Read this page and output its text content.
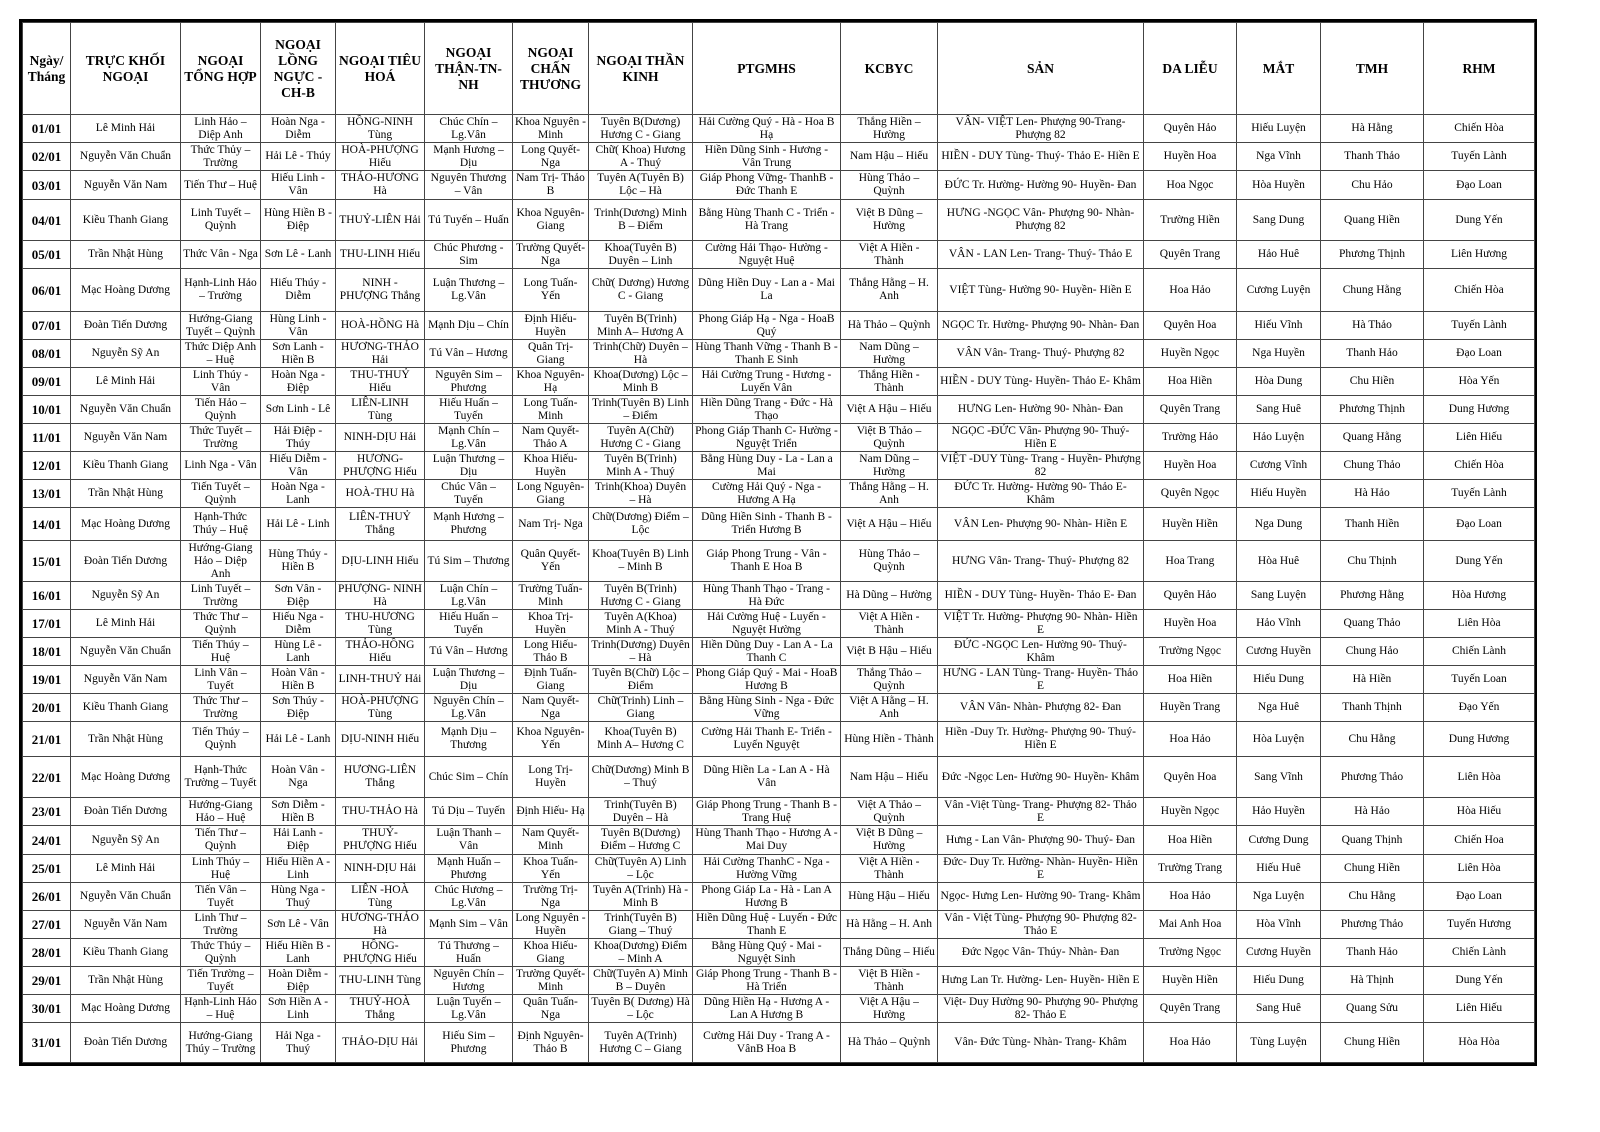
Ngày/ Tháng	TRỰC KHỐI NGOẠI	NGOẠI TỔNG HỢP	NGOẠI LỒNG NGỰC -CH-B	NGOẠI TIÊU HOÁ	NGOẠI THẬN-TN-NH	NGOẠI CHẤN THƯƠNG	NGOẠI THẦN KINH	PTGMHS	KCBYC	SẢN	DA LIỄU	MẮT	TMH	RHM
01/01	Lê Minh Hải	Linh Hảo – Diệp Anh	Hoàn Nga - Diễm	HỒNG-NINH Tùng	Chúc Chín – Lg.Vân	Khoa Nguyên - Minh	Tuyên B(Dương) Hương C - Giang	Hải Cường Quý - Hà - Hoa B Hạ	Thắng Hiền – Hường	VÂN- VIỆT Len- Phượng 90-Trang- Phượng 82	Quyên Hảo	Hiếu Luyện	Hà Hằng	Chiến Hòa
02/01	Nguyễn Văn Chuẩn	Thức Thủy – Trường	Hải Lê - Thúy	HOÀ-PHƯỢNG Hiếu	Mạnh Hương – Dịu	Long Quyết- Nga	Chữ( Khoa) Hương A - Thuý	Hiền Dũng Sinh - Hương - Vân Trung	Nam Hậu – Hiếu	HIỀN - DUY Tùng- Thuý- Thảo E- Hiền E	Huyền Hoa	Nga Vĩnh	Thanh Thảo	Tuyến Lành
03/01	Nguyễn Văn Nam	Tiến Thư – Huệ	Hiếu Linh - Vân	THẢO-HƯƠNG Hà	Nguyên Thương – Vân	Nam Trị- Thảo B	Tuyên A(Tuyên B) Lộc – Hà	Giáp Phong Vững- ThanhB - Đức Thanh E	Hùng Thảo – Quỳnh	ĐỨC Tr. Hường- Hường 90- Huyền- Đan	Hoa Ngọc	Hòa Huyền	Chu Hảo	Đạo Loan
04/01	Kiều Thanh Giang	Linh Tuyết – Quỳnh	Hùng Hiền B - Điệp	THUỶ-LIÊN Hải	Tú Tuyến – Huấn	Khoa Nguyên- Giang	Trinh(Dương) Minh B – Điểm	Bằng Hùng Thanh C - Triển - Hà Trang	Việt B Dũng – Hường	HƯNG -NGỌC Vân- Phượng 90- Nhàn- Phượng 82	Trường Hiền	Sang Dung	Quang Hiền	Dung Yến
05/01	Trần Nhật Hùng	Thức Vân - Nga	Sơn Lê - Lanh	THU-LINH Hiếu	Chúc Phương - Sim	Trường Quyết- Nga	Khoa(Tuyên B) Duyên – Linh	Cường Hải Thạo- Hường - Nguyệt Huệ	Việt A Hiền - Thành	VÂN - LAN Len- Trang- Thuý- Thảo E	Quyên Trang	Hảo Huê	Phương Thịnh	Liên Hương
06/01	Mạc Hoàng Dương	Hạnh-Linh Hảo – Trường	Hiếu Thúy - Diễm	NINH - PHƯỢNG Thắng	Luận Thương – Lg.Vân	Long Tuấn- Yến	Chữ( Dương) Hương C - Giang	Dũng Hiền Duy - Lan a - Mai La	Thắng Hằng – H. Anh	VIỆT Tùng- Hường 90- Huyền- Hiền E	Hoa Hảo	Cương Luyện	Chung Hằng	Chiến Hòa
07/01	Đoàn Tiến Dương	Hướng-Giang Tuyết – Quỳnh	Hùng Linh - Vân	HOÀ-HỒNG Hà	Mạnh Dịu – Chín	Định Hiếu- Huyền	Tuyên B(Trinh) Minh A– Hương A	Phong Giáp Hạ - Nga - HoaB Quý	Hà Thảo – Quỳnh	NGỌC Tr. Hường- Phượng 90- Nhàn- Đan	Quyên Hoa	Hiếu Vĩnh	Hà Thảo	Tuyến Lành
08/01	Nguyễn Sỹ An	Thức Diệp Anh – Huệ	Sơn Lanh - Hiền B	HƯƠNG-THẢO Hải	Tú Vân – Hương	Quân Trị- Giang	Trinh(Chữ) Duyên – Hà	Hùng Thanh Vững - Thanh B - Thanh E Sinh	Nam Dũng – Hường	VÂN Vân- Trang- Thuý- Phượng 82	Huyền Ngọc	Nga Huyền	Thanh Hảo	Đạo Loan
09/01	Lê Minh Hải	Linh Thúy - Vân	Hoàn Nga - Điệp	THU-THUỶ Hiếu	Nguyên Sim – Phương	Khoa Nguyên- Hạ	Khoa(Dương) Lộc – Minh B	Hải Cường Trung - Hương - Luyến Vân	Thắng Hiền - Thành	HIỀN - DUY Tùng- Huyền- Thảo E- Khâm	Hoa Hiền	Hòa Dung	Chu Hiền	Hòa Yến
10/01	Nguyễn Văn Chuẩn	Tiến Hảo – Quỳnh	Sơn Linh - Lê	LIÊN-LINH Tùng	Hiếu Huấn – Tuyến	Long Tuấn- Minh	Trinh(Tuyên B) Linh – Điểm	Hiền Dũng Trang - Đức - Hà Thạo	Việt A Hậu – Hiếu	HƯNG Len- Hường 90- Nhàn- Đan	Quyên Trang	Sang Huê	Phương Thịnh	Dung Hương
11/01	Nguyễn Văn Nam	Thức Tuyết – Trường	Hải Điệp - Thúy	NINH-DỊU Hải	Mạnh Chín – Lg.Vân	Nam Quyết- Thảo A	Tuyên A(Chữ) Hương C - Giang	Phong Giáp Thanh C- Hường - Nguyệt Triển	Việt B Thảo – Quỳnh	NGỌC -ĐỨC Vân- Phượng 90- Thuý- Hiền E	Trường Hảo	Hảo Luyện	Quang Hằng	Liên Hiếu
12/01	Kiều Thanh Giang	Linh Nga - Vân	Hiếu Diễm - Vân	HƯƠNG- PHƯỢNG Hiếu	Luận Thương – Dịu	Khoa Hiếu- Huyền	Tuyên B(Trinh) Minh A - Thuý	Bằng Hùng Duy - La - Lan a Mai	Nam Dũng – Hường	VIỆT -DUY Tùng- Trang - Huyền- Phượng 82	Huyền Hoa	Cương Vĩnh	Chung Thảo	Chiến Hòa
13/01	Trần Nhật Hùng	Tiến Tuyết – Quỳnh	Hoàn Nga - Lanh	HOÀ-THU Hà	Chúc Vân – Tuyến	Long Nguyên- Giang	Trinh(Khoa) Duyên – Hà	Cường Hải Quý - Nga - Hương A Hạ	Thắng Hằng – H. Anh	ĐỨC Tr. Hường- Hường 90- Thảo E- Khâm	Quyên Ngọc	Hiếu Huyền	Hà Hảo	Tuyến Lành
14/01	Mạc Hoàng Dương	Hạnh-Thức Thúy – Huệ	Hải Lê - Linh	LIÊN-THUỶ Thắng	Mạnh Hương – Phương	Nam Trị- Nga	Chữ(Dương) Điểm – Lộc	Dũng Hiền Sinh - Thanh B - Triển Hương B	Việt A Hậu – Hiếu	VÂN Len- Phượng 90- Nhàn- Hiền E	Huyền Hiền	Nga Dung	Thanh Hiền	Đạo Loan
15/01	Đoàn Tiến Dương	Hướng-Giang Hảo – Diệp Anh	Hùng Thúy - Hiền B	DỊU-LINH Hiếu	Tú Sim – Thương	Quân Quyết- Yến	Khoa(Tuyên B) Linh – Minh B	Giáp Phong Trung - Vân - Thanh E Hoa B	Hùng Thảo – Quỳnh	HƯNG Vân- Trang- Thuý- Phượng 82	Hoa Trang	Hòa Huê	Chu Thịnh	Dung Yến
16/01	Nguyễn Sỹ An	Linh Tuyết – Trường	Sơn Vân - Điệp	PHƯỢNG- NINH Hà	Luận Chín – Lg.Vân	Trường Tuấn- Minh	Tuyên B(Trinh) Hương C - Giang	Hùng Thanh Thạo - Trang - Hà Đức	Hà Dũng – Hường	HIỀN - DUY Tùng- Huyền- Thảo E- Đan	Quyên Hảo	Sang Luyện	Phương Hằng	Hòa Hương
17/01	Lê Minh Hải	Thức Thư – Quỳnh	Hiếu Nga - Diễm	THU-HƯƠNG Tùng	Hiếu Huấn – Tuyến	Khoa Trị- Huyền	Tuyên A(Khoa) Minh A - Thuý	Hải Cường Huệ - Luyến - Nguyệt Hường	Việt A Hiền - Thành	VIỆT Tr. Hường- Phượng 90- Nhàn- Hiền E	Huyền Hoa	Hảo Vĩnh	Quang Thảo	Liên Hòa
18/01	Nguyễn Văn Chuẩn	Tiến Thúy – Huệ	Hùng Lê - Lanh	THẢO-HỒNG Hiếu	Tú Vân – Hương	Long Hiếu- Thảo B	Trinh(Dương) Duyên – Hà	Hiền Dũng Duy - Lan A - La Thanh C	Việt B Hậu – Hiếu	ĐỨC -NGỌC Len- Hường 90- Thuý- Khâm	Trường Ngọc	Cương Huyền	Chung Hảo	Chiến Lành
19/01	Nguyễn Văn Nam	Linh Vân – Tuyết	Hoàn Vân - Hiền B	LINH-THUỶ Hải	Luận Thương – Dịu	Định Tuấn- Giang	Tuyên B(Chữ) Lộc – Điểm	Phong Giáp Quý - Mai - HoaB Hương B	Thắng Thảo – Quỳnh	HƯNG - LAN Tùng- Trang- Huyền- Thảo E	Hoa Hiền	Hiếu Dung	Hà Hiền	Tuyến Loan
20/01	Kiều Thanh Giang	Thức Thư – Trường	Sơn Thúy - Điệp	HOÀ-PHƯỢNG Tùng	Nguyên Chín – Lg.Vân	Nam Quyết- Nga	Chữ(Trinh) Linh – Giang	Bằng Hùng Sinh - Nga - Đức Vững	Việt A Hằng – H. Anh	VÂN Vân- Nhàn- Phượng 82- Đan	Huyền Trang	Nga Huê	Thanh Thịnh	Đạo Yến
21/01	Trần Nhật Hùng	Tiến Thúy – Quỳnh	Hải Lê - Lanh	DỊU-NINH Hiếu	Mạnh Dịu – Thương	Khoa Nguyên- Yến	Khoa(Tuyên B) Minh A– Hương C	Cường Hải Thanh E- Triển - Luyến Nguyệt	Hùng Hiền - Thành	Hiền -Duy Tr. Hường- Phượng 90- Thuý- Hiền E	Hoa Hảo	Hòa Luyện	Chu Hằng	Dung Hương
22/01	Mạc Hoàng Dương	Hạnh-Thức Trường – Tuyết	Hoàn Vân - Nga	HƯƠNG-LIÊN Thắng	Chúc Sim – Chín	Long Trị- Huyền	Chữ(Dương) Minh B – Thuý	Dũng Hiền La - Lan A - Hà Vân	Nam Hậu – Hiếu	Đức -Ngọc Len- Hường 90- Huyền- Khâm	Quyên Hoa	Sang Vĩnh	Phương Thảo	Liên Hòa
23/01	Đoàn Tiến Dương	Hướng-Giang Hảo – Huệ	Sơn Diễm - Hiền B	THU-THẢO Hà	Tú Dịu – Tuyến	Định Hiếu- Hạ	Trinh(Tuyên B) Duyên – Hà	Giáp Phong Trung - Thanh B - Trang Huệ	Việt A Thảo – Quỳnh	Vân -Việt Tùng- Trang- Phượng 82- Thảo E	Huyền Ngọc	Hảo Huyền	Hà Hảo	Hòa Hiếu
24/01	Nguyễn Sỹ An	Tiến Thư – Quỳnh	Hải Lanh - Điệp	THUỶ- PHƯỢNG Hiếu	Luận Thanh – Vân	Nam Quyết- Minh	Tuyên B(Dương) Điểm – Hương C	Hùng Thanh Thạo - Hương A - Mai Duy	Việt B Dũng – Hường	Hưng - Lan Vân- Phượng 90- Thuý- Đan	Hoa Hiền	Cương Dung	Quang Thịnh	Chiến Hoa
25/01	Lê Minh Hải	Linh Thúy – Huệ	Hiếu Hiền A - Linh	NINH-DỊU Hải	Mạnh Huấn – Phương	Khoa Tuấn- Yến	Chữ(Tuyên A) Linh – Lộc	Hải Cường ThanhC - Nga - Hường Vững	Việt A Hiền - Thành	Đức- Duy Tr. Hường- Nhàn- Huyền- Hiền E	Trường Trang	Hiếu Huê	Chung Hiền	Liên Hòa
26/01	Nguyễn Văn Chuẩn	Tiến Vân – Tuyết	Hùng Nga - Thuý	LIÊN -HOÀ Tùng	Chúc Hương – Lg.Vân	Trường Trị- Nga	Tuyên A(Trinh) Hà - Minh B	Phong Giáp La - Hà - Lan A Hương B	Hùng Hậu – Hiếu	Ngọc- Hưng Len- Hường 90- Trang- Khâm	Hoa Hảo	Nga Luyện	Chu Hằng	Đạo Loan
27/01	Nguyễn Văn Nam	Linh Thư – Trường	Sơn Lê - Vân	HƯƠNG-THẢO Hà	Mạnh Sim – Vân	Long Nguyên -Huyền	Trinh(Tuyên B) Giang – Thuý	Hiền Dũng Huệ - Luyến - Đức Thanh E	Hà Hằng – H. Anh	Vân - Việt Tùng- Phượng 90- Phượng 82- Thảo E	Mai Anh Hoa	Hòa Vĩnh	Phương Thảo	Tuyến Hương
28/01	Kiều Thanh Giang	Thức Thúy – Quỳnh	Hiếu Hiền B - Lanh	HỒNG- PHƯỢNG Hiếu	Tú Thương – Huấn	Khoa Hiếu- Giang	Khoa(Dương) Điểm – Minh A	Bằng Hùng Quý - Mai - Nguyệt Sinh	Thắng Dũng – Hiếu	Đức Ngọc Vân- Thúy- Nhàn- Đan	Trường Ngọc	Cương Huyền	Thanh Hảo	Chiến Lành
29/01	Trần Nhật Hùng	Tiến Trường – Tuyết	Hoàn Diễm - Điệp	THU-LINH Tùng	Nguyên Chín – Hương	Trường Quyết- Minh	Chữ(Tuyên A) Minh B – Duyên	Giáp Phong Trung - Thanh B - Hà Triển	Việt B Hiền - Thành	Hưng Lan Tr. Hường- Len- Huyền- Hiền E	Huyền Hiền	Hiếu Dung	Hà Thịnh	Dung Yến
30/01	Mạc Hoàng Dương	Hạnh-Linh Hảo – Huệ	Sơn Hiền A - Linh	THUỶ-HOÀ Thắng	Luận Tuyến – Lg.Vân	Quân Tuấn- Nga	Tuyên B( Dương) Hà – Lộc	Dũng Hiền Hạ - Hương A - Lan A Hương B	Việt A Hậu – Hường	Việt- Duy Hường 90- Phượng 90- Phượng 82- Thảo E	Quyên Trang	Sang Huê	Quang Sửu	Liên Hiếu
31/01	Đoàn Tiến Dương	Hướng-Giang Thúy – Trường	Hải Nga - Thuý	THẢO-DỊU Hải	Hiếu Sim – Phương	Định Nguyên- Thảo B	Tuyên A(Trinh) Hương C – Giang	Cường Hải Duy - Trang A - VânB Hoa B	Hà Thảo – Quỳnh	Vân- Đức Tùng- Nhàn- Trang- Khâm	Hoa Hảo	Tùng Luyện	Chung Hiền	Hòa Hòa
